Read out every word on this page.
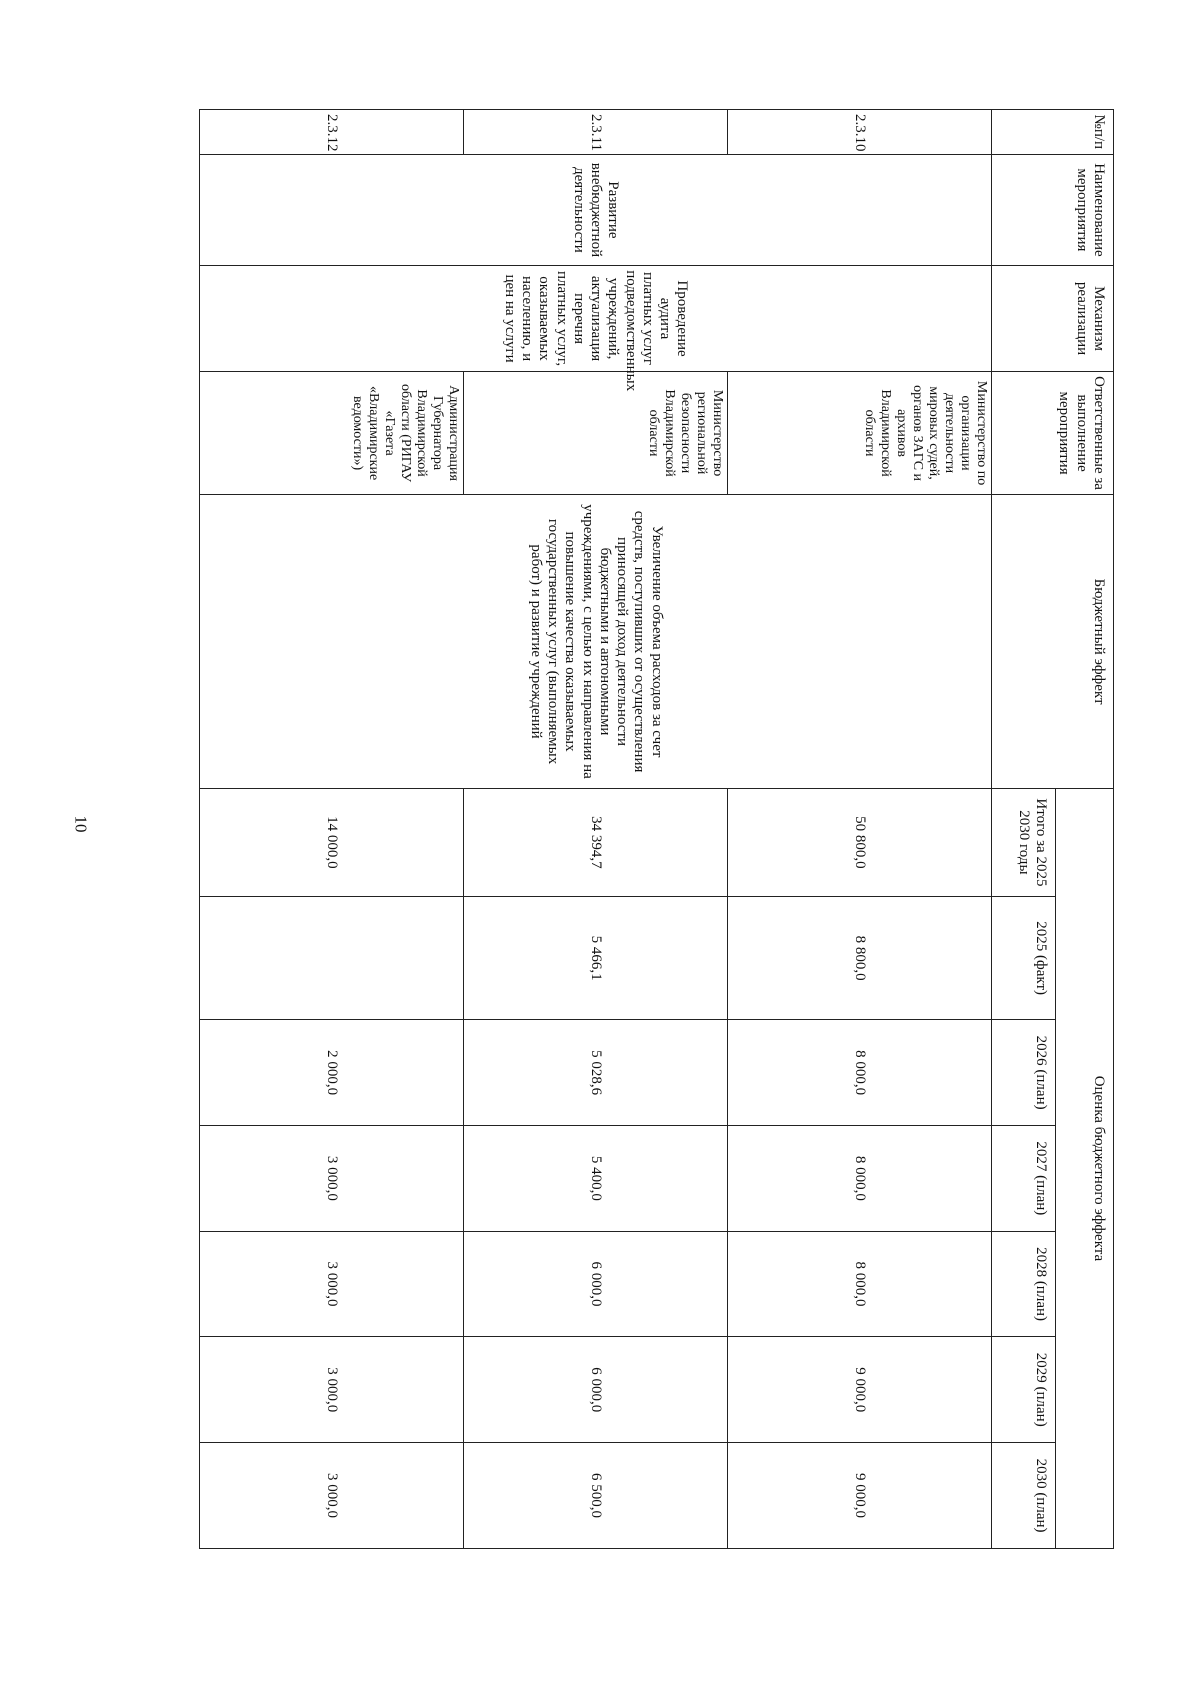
10
№п/п	Наименование мероприятия	Механизм реализации	Ответственные за выполнение мероприятия	Бюджетный эффект	Оценка бюджетного эффекта						
					Итого за 2025 2030 годы	2025 (факт)	2026 (план)	2027 (план)	2028 (план)	2029 (план)	2030 (план)
2.3.10	Развитие внебюджетной деятельности	Проведение аудита платных услуг подведомственных учреждений, актуализация перечня платных услуг, оказываемых населению, и цен на услуги	Министерство по организации деятельности мировых судей, органов ЗАГС и архивов Владимирской области	Увеличение объема расходов за счет средств, поступивших от осуществления приносящей доход деятельности бюджетными и автономными учреждениями, с целью их направления на повышение качества оказываемых государственных услуг (выполняемых работ) и развитие учреждений	50 800,0	8 800,0	8 000,0	8 000,0	8 000,0	9 000,0	9 000,0
2.3.11			Министерство региональной безопасности Владимирской области		34 394,7	5 466,1	5 028,6	5 400,0	6 000,0	6 000,0	6 500,0
2.3.12			Администрация Губернатора Владимирской области (РИГАУ «Газета «Владимирские ведомости»)		14 000,0		2 000,0	3 000,0	3 000,0	3 000,0	3 000,0
